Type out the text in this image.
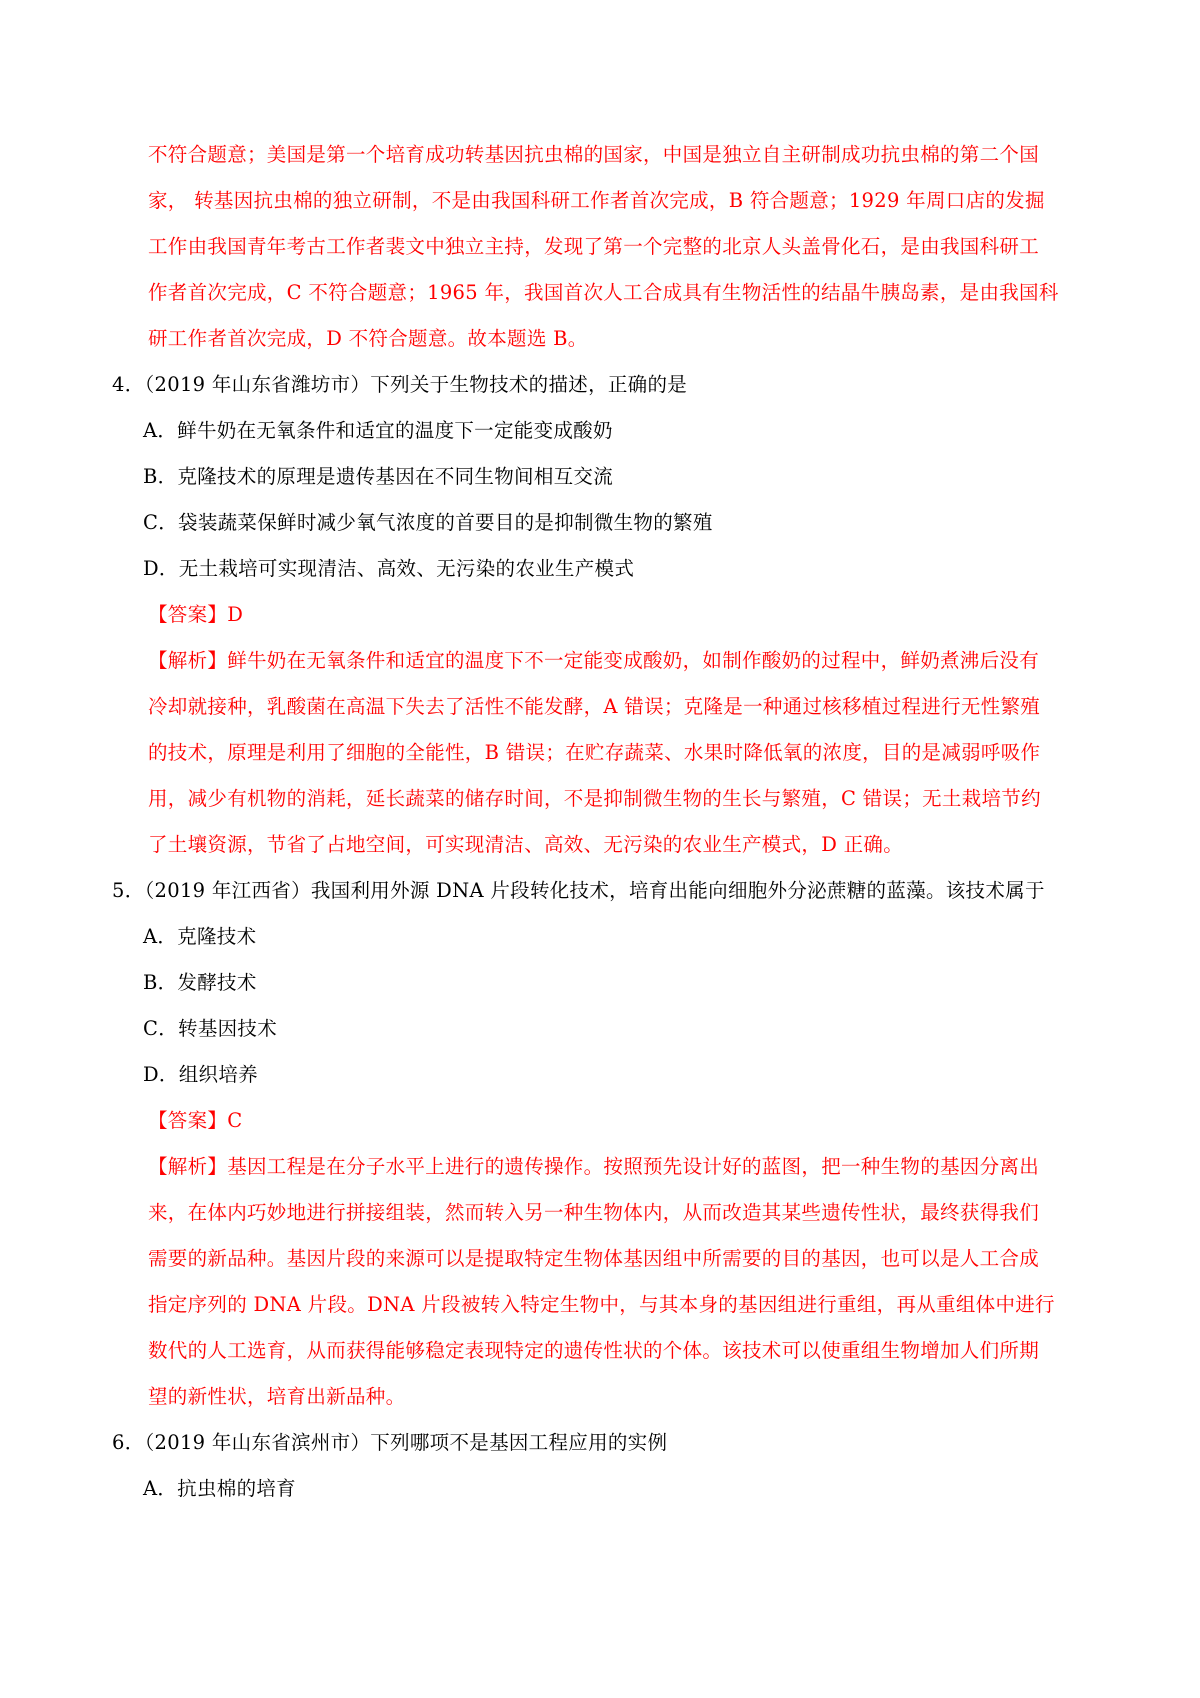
不符合题意；美国是第一个培育成功转基因抗虫棉的国家，中国是独立自主研制成功抗虫棉的第二个国
家， 转基因抗虫棉的独立研制，不是由我国科研工作者首次完成，B 符合题意；1929 年周口店的发掘
工作由我国青年考古工作者裴文中独立主持，发现了第一个完整的北京人头盖骨化石，是由我国科研工
作者首次完成，C 不符合题意；1965 年，我国首次人工合成具有生物活性的结晶牛胰岛素，是由我国科
研工作者首次完成，D 不符合题意。故本题选 B。
4．（2019 年山东省潍坊市）下列关于生物技术的描述，正确的是
A．鲜牛奶在无氧条件和适宜的温度下一定能变成酸奶
B．克隆技术的原理是遗传基因在不同生物间相互交流
C．袋装蔬菜保鲜时减少氧气浓度的首要目的是抑制微生物的繁殖
D．无土栽培可实现清洁、高效、无污染的农业生产模式
【答案】D
【解析】鲜牛奶在无氧条件和适宜的温度下不一定能变成酸奶，如制作酸奶的过程中，鲜奶煮沸后没有
冷却就接种，乳酸菌在高温下失去了活性不能发酵，A 错误；克隆是一种通过核移植过程进行无性繁殖
的技术，原理是利用了细胞的全能性，B 错误；在贮存蔬菜、水果时降低氧的浓度，目的是减弱呼吸作
用，减少有机物的消耗，延长蔬菜的储存时间，不是抑制微生物的生长与繁殖，C 错误；无土栽培节约
了土壤资源，节省了占地空间，可实现清洁、高效、无污染的农业生产模式，D 正确。
5．（2019 年江西省）我国利用外源 DNA 片段转化技术，培育出能向细胞外分泌蔗糖的蓝藻。该技术属于
A．克隆技术
B．发酵技术
C．转基因技术
D．组织培养
【答案】C
【解析】基因工程是在分子水平上进行的遗传操作。按照预先设计好的蓝图，把一种生物的基因分离出
来，在体内巧妙地进行拼接组装，然而转入另一种生物体内，从而改造其某些遗传性状，最终获得我们
需要的新品种。基因片段的来源可以是提取特定生物体基因组中所需要的目的基因，也可以是人工合成
指定序列的 DNA 片段。DNA 片段被转入特定生物中，与其本身的基因组进行重组，再从重组体中进行
数代的人工选育，从而获得能够稳定表现特定的遗传性状的个体。该技术可以使重组生物增加人们所期
望的新性状，培育出新品种。
6．（2019 年山东省滨州市）下列哪项不是基因工程应用的实例
A．抗虫棉的培育
